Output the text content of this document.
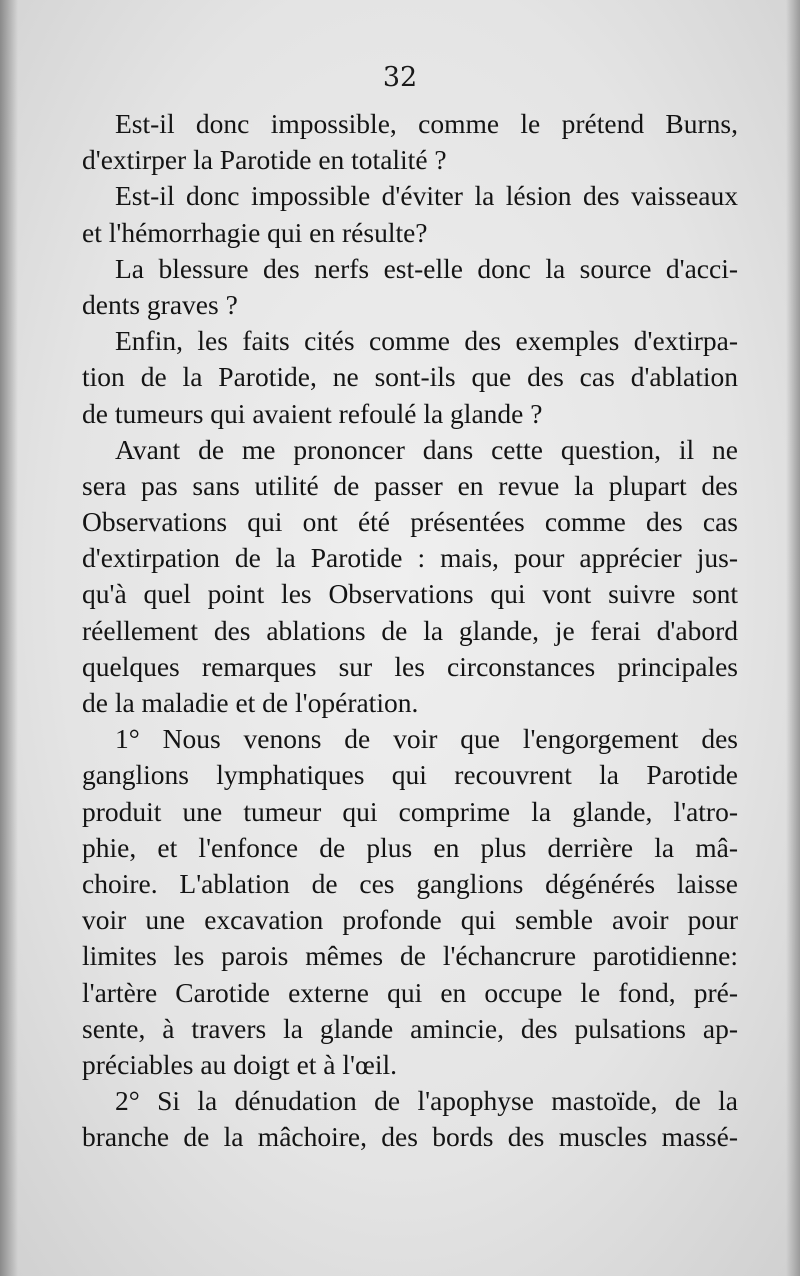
32
Est-il donc impossible, comme le prétend Burns,
d'extirper la Parotide en totalité ?
Est-il donc impossible d'éviter la lésion des vaisseaux
et l'hémorrhagie qui en résulte?
La blessure des nerfs est-elle donc la source d'acci-
dents graves ?
Enfin, les faits cités comme des exemples d'extirpa-
tion de la Parotide, ne sont-ils que des cas d'ablation
de tumeurs qui avaient refoulé la glande ?
Avant de me prononcer dans cette question, il ne
sera pas sans utilité de passer en revue la plupart des
Observations qui ont été présentées comme des cas
d'extirpation de la Parotide : mais, pour apprécier jus-
qu'à quel point les Observations qui vont suivre sont
réellement des ablations de la glande, je ferai d'abord
quelques remarques sur les circonstances principales
de la maladie et de l'opération.
1° Nous venons de voir que l'engorgement des
ganglions lymphatiques qui recouvrent la Parotide
produit une tumeur qui comprime la glande, l'atro-
phie, et l'enfonce de plus en plus derrière la mâ-
choire. L'ablation de ces ganglions dégénérés laisse
voir une excavation profonde qui semble avoir pour
limites les parois mêmes de l'échancrure parotidienne:
l'artère Carotide externe qui en occupe le fond, pré-
sente, à travers la glande amincie, des pulsations ap-
préciables au doigt et à l'œil.
2° Si la dénudation de l'apophyse mastoïde, de la
branche de la mâchoire, des bords des muscles massé-
